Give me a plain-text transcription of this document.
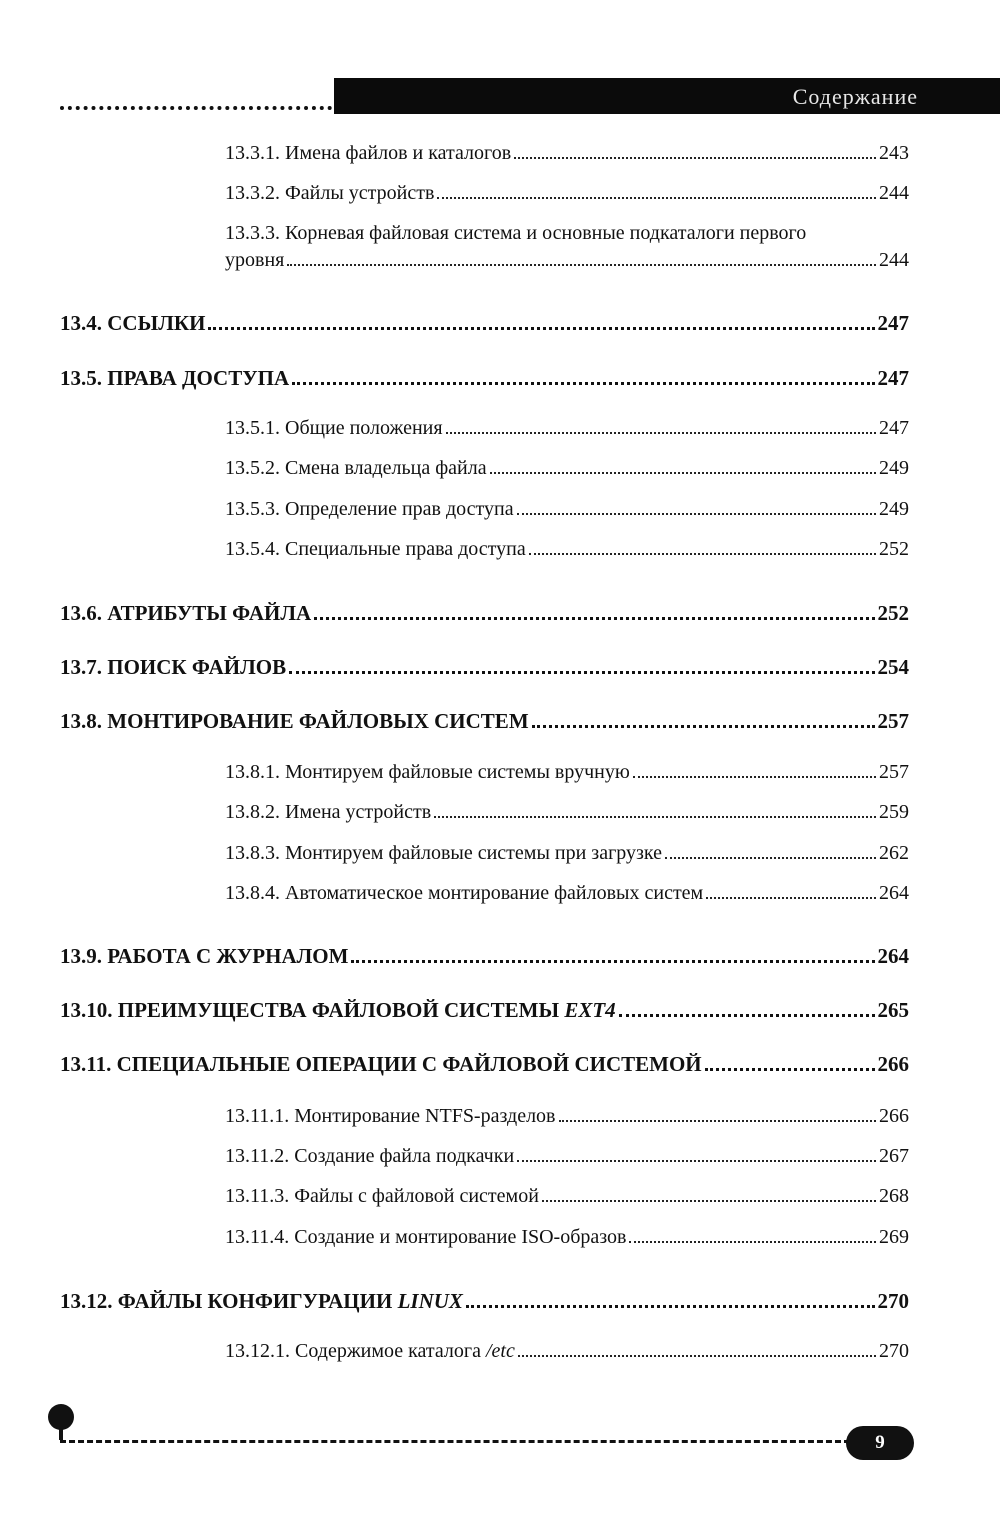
Содержание
13.3.1. Имена файлов и каталогов	243
13.3.2. Файлы устройств	244
13.3.3. Корневая файловая система и основные подкаталоги первого
уровня	244
13.4. ССЫЛКИ	247
13.5. ПРАВА ДОСТУПА	247
13.5.1. Общие положения	247
13.5.2. Смена владельца файла	249
13.5.3. Определение прав доступа	249
13.5.4. Специальные права доступа	252
13.6. АТРИБУТЫ ФАЙЛА	252
13.7. ПОИСК ФАЙЛОВ	254
13.8. МОНТИРОВАНИЕ ФАЙЛОВЫХ СИСТЕМ	257
13.8.1. Монтируем файловые системы вручную	257
13.8.2. Имена устройств	259
13.8.3. Монтируем файловые системы при загрузке	262
13.8.4. Автоматическое монтирование файловых систем	264
13.9. РАБОТА С ЖУРНАЛОМ	264
13.10. ПРЕИМУЩЕСТВА ФАЙЛОВОЙ СИСТЕМЫ EXT4	265
13.11. СПЕЦИАЛЬНЫЕ ОПЕРАЦИИ С ФАЙЛОВОЙ СИСТЕМОЙ	266
13.11.1. Монтирование NTFS-разделов	266
13.11.2. Создание файла подкачки	267
13.11.3. Файлы с файловой системой	268
13.11.4. Создание и монтирование ISO-образов	269
13.12. ФАЙЛЫ КОНФИГУРАЦИИ LINUX	270
13.12.1. Содержимое каталога /etc	270
9
